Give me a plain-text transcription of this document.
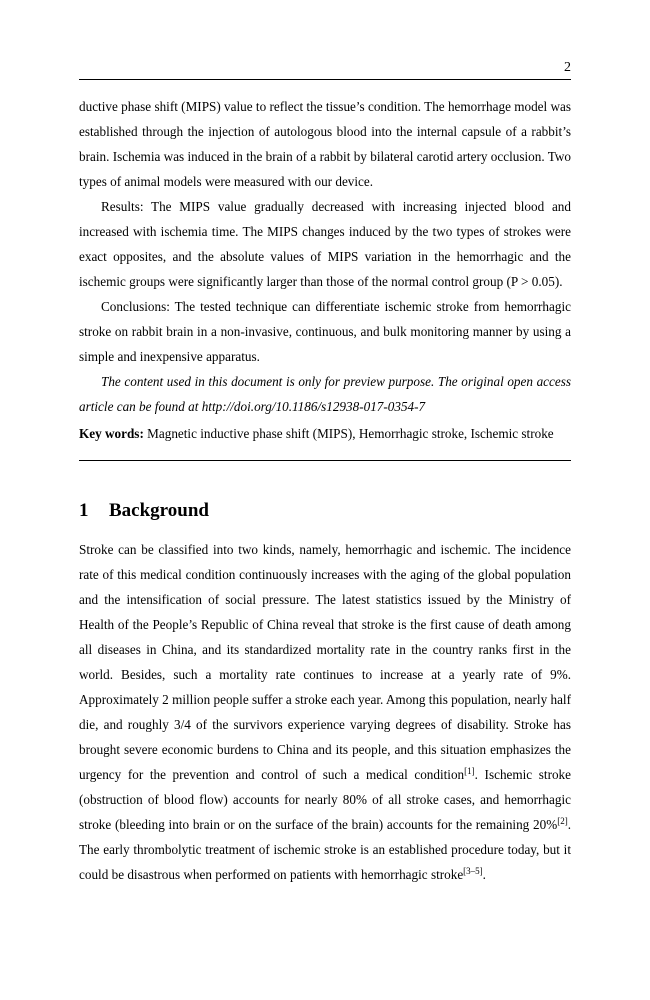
2

ductive phase shift (MIPS) value to reflect the tissue’s condition. The hemorrhage model was established through the injection of autologous blood into the internal capsule of a rabbit’s brain. Ischemia was induced in the brain of a rabbit by bilateral carotid artery occlusion. Two types of animal models were measured with our device.

Results: The MIPS value gradually decreased with increasing injected blood and increased with ischemia time. The MIPS changes induced by the two types of strokes were exact opposites, and the absolute values of MIPS variation in the hemorrhagic and the ischemic groups were significantly larger than those of the normal control group (P > 0.05).

Conclusions: The tested technique can differentiate ischemic stroke from hemorrhagic stroke on rabbit brain in a non-invasive, continuous, and bulk monitoring manner by using a simple and inexpensive apparatus.

The content used in this document is only for preview purpose. The original open access article can be found at http://doi.org/10.1186/s12938-017-0354-7

Key words: Magnetic inductive phase shift (MIPS), Hemorrhagic stroke, Ischemic stroke
1	Background

Stroke can be classified into two kinds, namely, hemorrhagic and ischemic. The incidence rate of this medical condition continuously increases with the aging of the global population and the intensification of social pressure. The latest statistics issued by the Ministry of Health of the People’s Republic of China reveal that stroke is the first cause of death among all diseases in China, and its standardized mortality rate in the country ranks first in the world. Besides, such a mortality rate continues to increase at a yearly rate of 9%. Approximately 2 million people suffer a stroke each year. Among this population, nearly half die, and roughly 3/4 of the survivors experience varying degrees of disability. Stroke has brought severe economic burdens to China and its people, and this situation emphasizes the urgency for the prevention and control of such a medical condition[1]. Ischemic stroke (obstruction of blood flow) accounts for nearly 80% of all stroke cases, and hemorrhagic stroke (bleeding into brain or on the surface of the brain) accounts for the remaining 20%[2]. The early thrombolytic treatment of ischemic stroke is an established procedure today, but it could be disastrous when performed on patients with hemorrhagic stroke[3–5].
